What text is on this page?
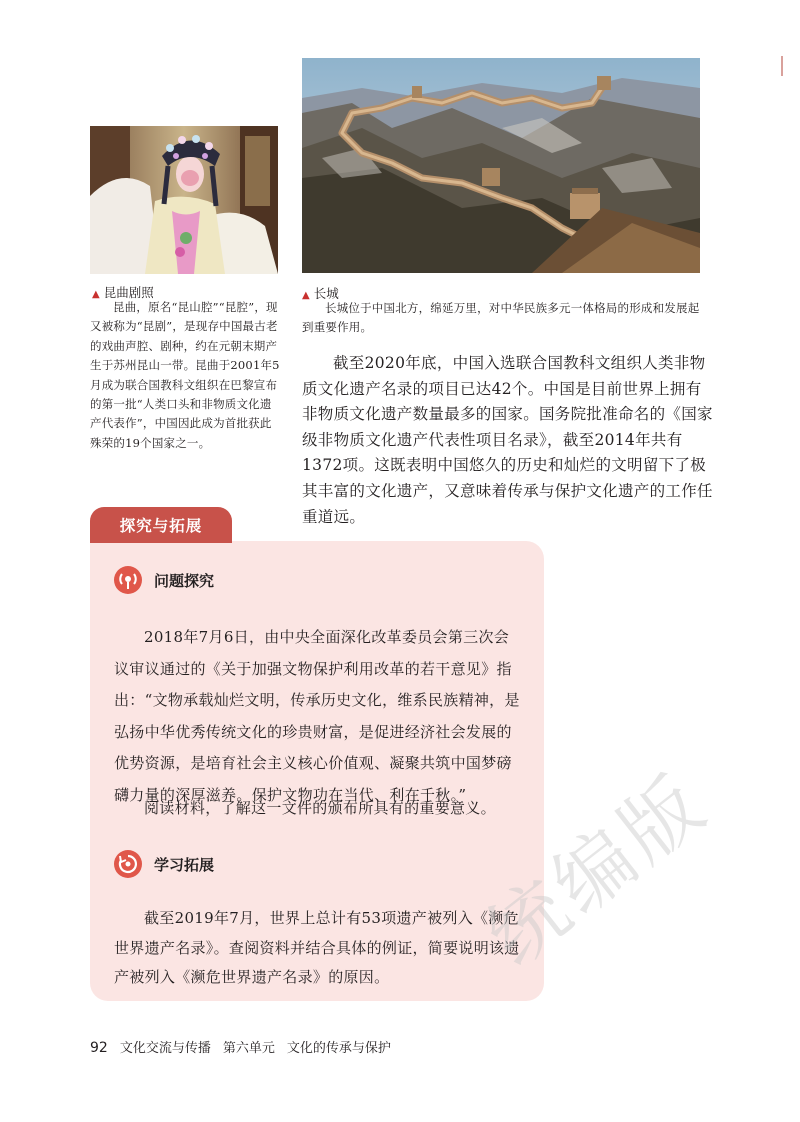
▲ 昆曲剧照	▲ 长城
昆曲，原名“昆山腔”“昆腔”，现又被称为“昆剧”，是现存中国最古老的戏曲声腔、剧种，约在元朝末期产生于苏州昆山一带。昆曲于2001年5月成为联合国教科文组织在巴黎宣布的第一批“人类口头和非物质文化遗产代表作”，中国因此成为首批获此殊荣的19个国家之一。
长城位于中国北方，绵延万里，对中华民族多元一体格局的形成和发展起到重要作用。
截至2020年底，中国入选联合国教科文组织人类非物质文化遗产名录的项目已达42个。中国是目前世界上拥有非物质文化遗产数量最多的国家。国务院批准命名的《国家级非物质文化遗产代表性项目名录》，截至2014年共有1372项。这既表明中国悠久的历史和灿烂的文明留下了极其丰富的文化遗产，又意味着传承与保护文化遗产的工作任重道远。
探究与拓展
问题探究
2018年7月6日，由中央全面深化改革委员会第三次会议审议通过的《关于加强文物保护利用改革的若干意见》指出：“文物承载灿烂文明，传承历史文化，维系民族精神，是弘扬中华优秀传统文化的珍贵财富，是促进经济社会发展的优势资源，是培育社会主义核心价值观、凝聚共筑中国梦磅礴力量的深厚滋养。保护文物功在当代、利在千秋。”
阅读材料，了解这一文件的颁布所具有的重要意义。
学习拓展
截至2019年7月，世界上总计有53项遗产被列入《濒危世界遗产名录》。查阅资料并结合具体的例证，简要说明该遗产被列入《濒危世界遗产名录》的原因。	统编版
92 文化交流与传播 第六单元 文化的传承与保护
